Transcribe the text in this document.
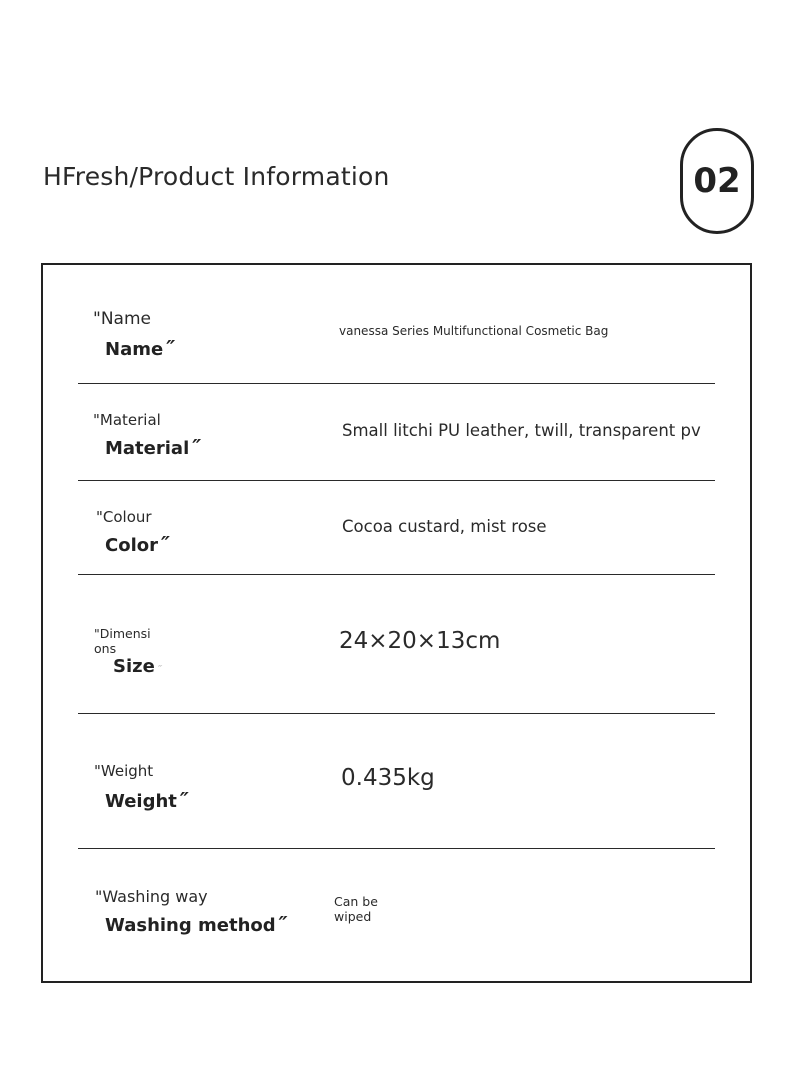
HFresh/Product Information	02
"Name
Name ″
vanessa Series Multifunctional Cosmetic Bag
"Material
Material ″
Small litchi PU leather, twill, transparent pv
"Colour
Color ″
Cocoa custard, mist rose
"Dimensions
Size ″
24×20×13cm
"Weight
Weight ″
0.435kg
"Washing way
Washing method ″
Can be wiped
